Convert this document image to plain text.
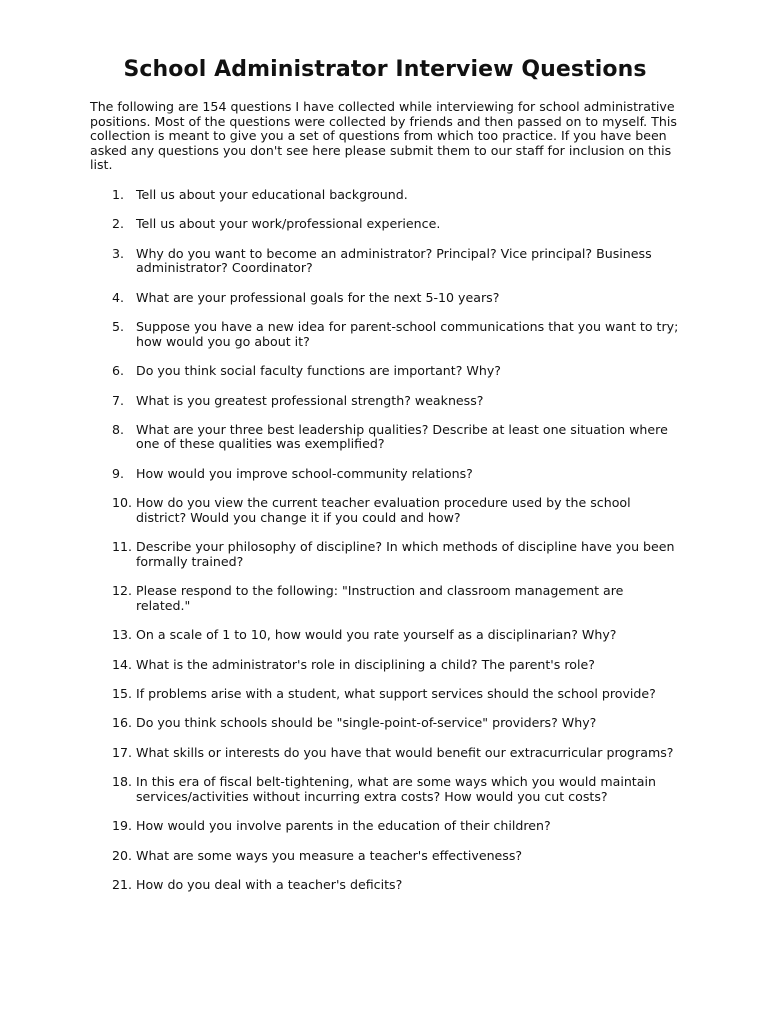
School Administrator Interview Questions

The following are 154 questions I have collected while interviewing for school administrative positions. Most of the questions were collected by friends and then passed on to myself. This collection is meant to give you a set of questions from which too practice. If you have been asked any questions you don't see here please submit them to our staff for inclusion on this list.

1. Tell us about your educational background.
2. Tell us about your work/professional experience.
3. Why do you want to become an administrator? Principal? Vice principal? Business administrator? Coordinator?
4. What are your professional goals for the next 5-10 years?
5. Suppose you have a new idea for parent-school communications that you want to try; how would you go about it?
6. Do you think social faculty functions are important? Why?
7. What is you greatest professional strength? weakness?
8. What are your three best leadership qualities? Describe at least one situation where one of these qualities was exemplified?
9. How would you improve school-community relations?
10. How do you view the current teacher evaluation procedure used by the school district? Would you change it if you could and how?
11. Describe your philosophy of discipline? In which methods of discipline have you been formally trained?
12. Please respond to the following: "Instruction and classroom management are related."
13. On a scale of 1 to 10, how would you rate yourself as a disciplinarian? Why?
14. What is the administrator's role in disciplining a child? The parent's role?
15. If problems arise with a student, what support services should the school provide?
16. Do you think schools should be "single-point-of-service" providers? Why?
17. What skills or interests do you have that would benefit our extracurricular programs?
18. In this era of fiscal belt-tightening, what are some ways which you would maintain services/activities without incurring extra costs? How would you cut costs?
19. How would you involve parents in the education of their children?
20. What are some ways you measure a teacher's effectiveness?
21. How do you deal with a teacher's deficits?
